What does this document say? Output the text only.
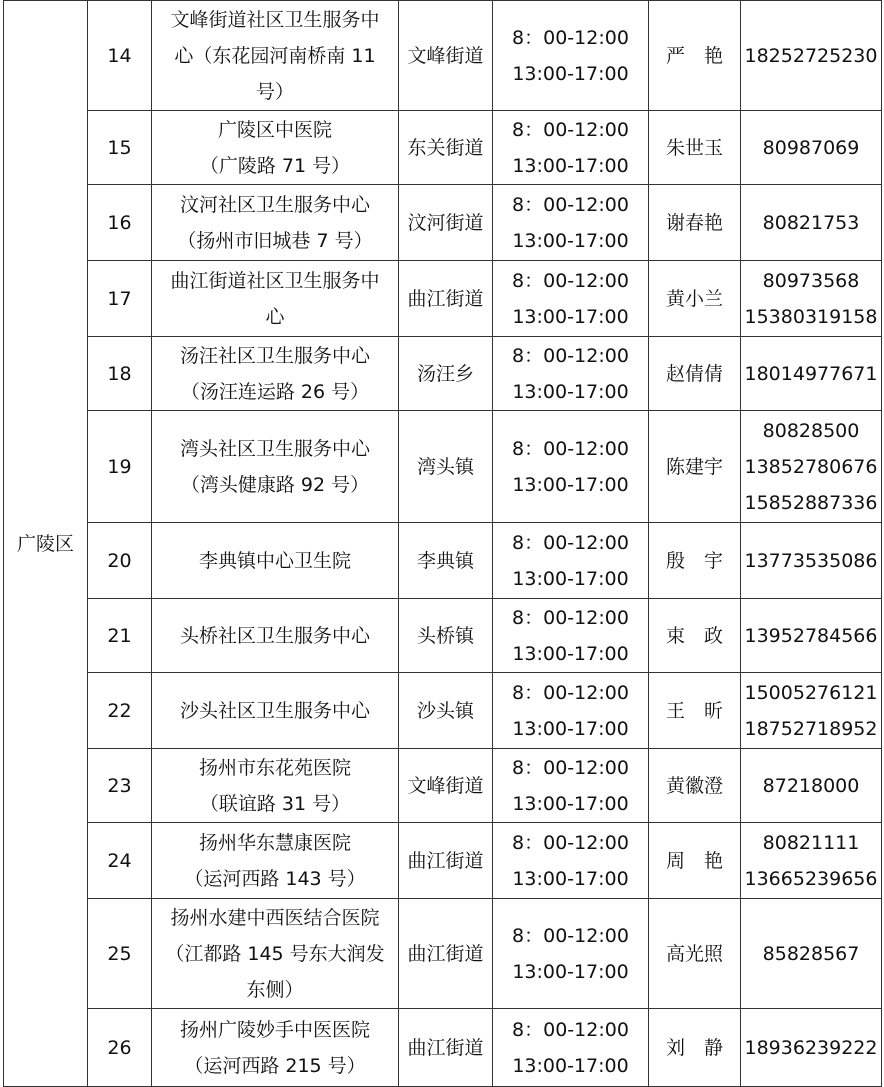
广陵区	14	文峰街道社区卫生服务中
心（东花园河南桥南 11
号）	文峰街道	8：00-12:00
13:00-17:00	严　艳	18252725230

	15	广陵区中医院
（广陵路 71 号）	东关街道	8：00-12:00
13:00-17:00	朱世玉	80987069

	16	汶河社区卫生服务中心
（扬州市旧城巷 7 号）	汶河街道	8：00-12:00
13:00-17:00	谢春艳	80821753

	17	曲江街道社区卫生服务中
心	曲江街道	8：00-12:00
13:00-17:00	黄小兰	80973568
15380319158

	18	汤汪社区卫生服务中心
（汤汪连运路 26 号）	汤汪乡	8：00-12:00
13:00-17:00	赵倩倩	18014977671

	19	湾头社区卫生服务中心
（湾头健康路 92 号）	湾头镇	8：00-12:00
13:00-17:00	陈建宇	80828500
13852780676
15852887336

	20	李典镇中心卫生院	李典镇	8：00-12:00
13:00-17:00	殷　宇	13773535086

	21	头桥社区卫生服务中心	头桥镇	8：00-12:00
13:00-17:00	束　政	13952784566

	22	沙头社区卫生服务中心	沙头镇	8：00-12:00
13:00-17:00	王　昕	15005276121
18752718952

	23	扬州市东花苑医院
（联谊路 31 号）	文峰街道	8：00-12:00
13:00-17:00	黄徽澄	87218000

	24	扬州华东慧康医院
（运河西路 143 号）	曲江街道	8：00-12:00
13:00-17:00	周　艳	80821111
13665239656

	25	扬州水建中西医结合医院
（江都路 145 号东大润发
东侧）	曲江街道	8：00-12:00
13:00-17:00	高光照	85828567

	26	扬州广陵妙手中医医院
（运河西路 215 号）	曲江街道	8：00-12:00
13:00-17:00	刘　静	18936239222
